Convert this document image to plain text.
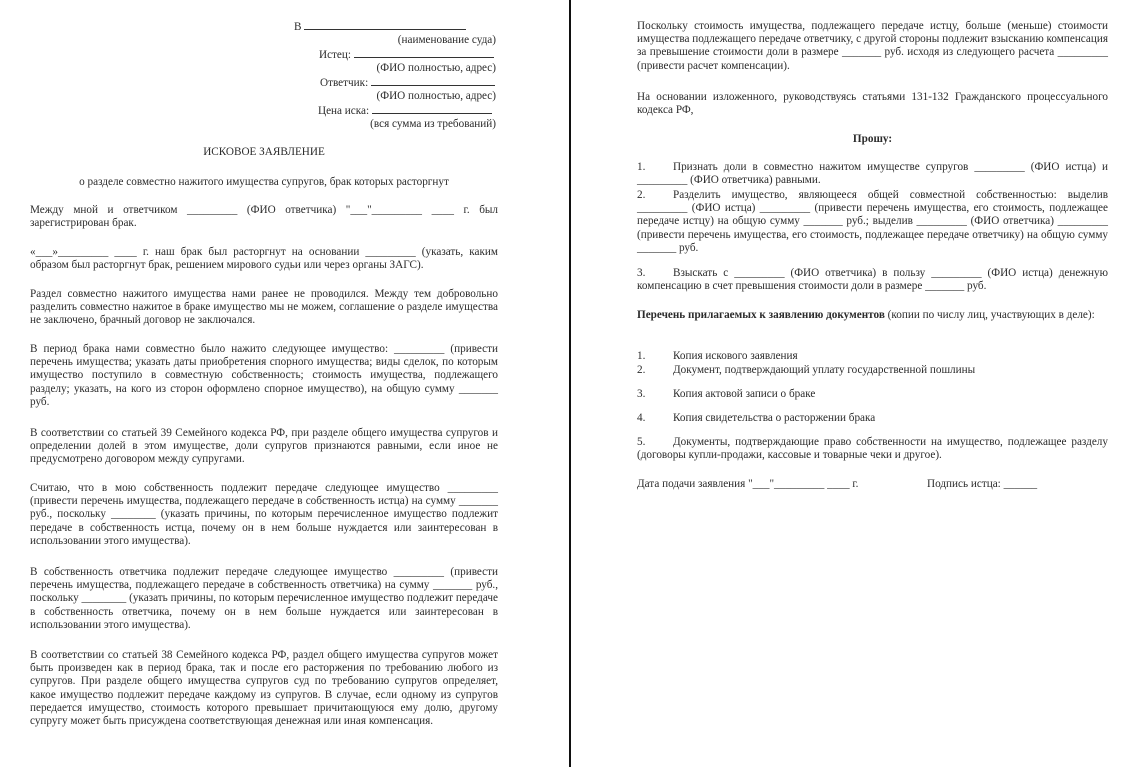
В
(наименование суда)
Истец:
(ФИО полностью, адрес)
Ответчик:
(ФИО полностью, адрес)
Цена иска:
(вся сумма из требований)
ИСКОВОЕ ЗАЯВЛЕНИЕ
о разделе совместно нажитого имущества супругов, брак которых расторгнут
Между мной и ответчиком _________ (ФИО ответчика) "___"_________ ____ г. был зарегистрирован брак.
«___»_________ ____ г. наш брак был расторгнут на основании _________ (указать, каким образом был расторгнут брак, решением мирового судьи или через органы ЗАГС).
Раздел совместно нажитого имущества нами ранее не проводился. Между тем добровольно разделить совместно нажитое в браке имущество мы не можем, соглашение о разделе имущества не заключено, брачный договор не заключался.
В период брака нами совместно было нажито следующее имущество: _________ (привести перечень имущества; указать даты приобретения спорного имущества; виды сделок, по которым имущество поступило в совместную собственность; стоимость имущества, подлежащего разделу; указать, на кого из сторон оформлено спорное имущество), на общую сумму _______ руб.
В соответствии со статьей 39 Семейного кодекса РФ, при разделе общего имущества супругов и определении долей в этом имуществе, доли супругов признаются равными, если иное не предусмотрено договором между супругами.
Считаю, что в мою собственность подлежит передаче следующее имущество _________ (привести перечень имущества, подлежащего передаче в собственность истца) на сумму _______ руб., поскольку ________ (указать причины, по которым перечисленное имущество подлежит передаче в собственность истца, почему он в нем больше нуждается или заинтересован в использовании этого имущества).
В собственность ответчика подлежит передаче следующее имущество _________ (привести перечень имущества, подлежащего передаче в собственность ответчика) на сумму _______ руб., поскольку ________ (указать причины, по которым перечисленное имущество подлежит передаче в собственность ответчика, почему он в нем больше нуждается или заинтересован в использовании этого имущества).
В соответствии со статьей 38 Семейного кодекса РФ, раздел общего имущества супругов может быть произведен как в период брака, так и после его расторжения по требованию любого из супругов. При разделе общего имущества супругов суд по требованию супругов определяет, какое имущество подлежит передаче каждому из супругов. В случае, если одному из супругов передается имущество, стоимость которого превышает причитающуюся ему долю, другому супругу может быть присуждена соответствующая денежная или иная компенсация.
Поскольку стоимость имущества, подлежащего передаче истцу, больше (меньше) стоимости имущества подлежащего передаче ответчику, с другой стороны подлежит взысканию компенсация за превышение стоимости доли в размере _______ руб. исходя из следующего расчета _________ (привести расчет компенсации).
На основании изложенного, руководствуясь статьями 131-132 Гражданского процессуального кодекса РФ,
Прошу:
1.	Признать доли в совместно нажитом имуществе супругов _________ (ФИО истца) и _________ (ФИО ответчика) равными.
2.	Разделить имущество, являющееся общей совместной собственностью: выделив _________ (ФИО истца) _________ (привести перечень имущества, его стоимость, подлежащее передаче истцу) на общую сумму _______ руб.; выделив _________ (ФИО ответчика) _________ (привести перечень имущества, его стоимость, подлежащее передаче ответчику) на общую сумму _______ руб.
3.	Взыскать с _________ (ФИО ответчика) в пользу _________ (ФИО истца) денежную компенсацию в счет превышения стоимости доли в размере _______ руб.
Перечень прилагаемых к заявлению документов (копии по числу лиц, участвующих в деле):
1.	Копия искового заявления
2.	Документ, подтверждающий уплату государственной пошлины
3.	Копия актовой записи о браке
4.	Копия свидетельства о расторжении брака
5.	Документы, подтверждающие право собственности на имущество, подлежащее разделу (договоры купли-продажи, кассовые и товарные чеки и другое).
Дата подачи заявления "___"_________ ____ г.	Подпись истца: ______
